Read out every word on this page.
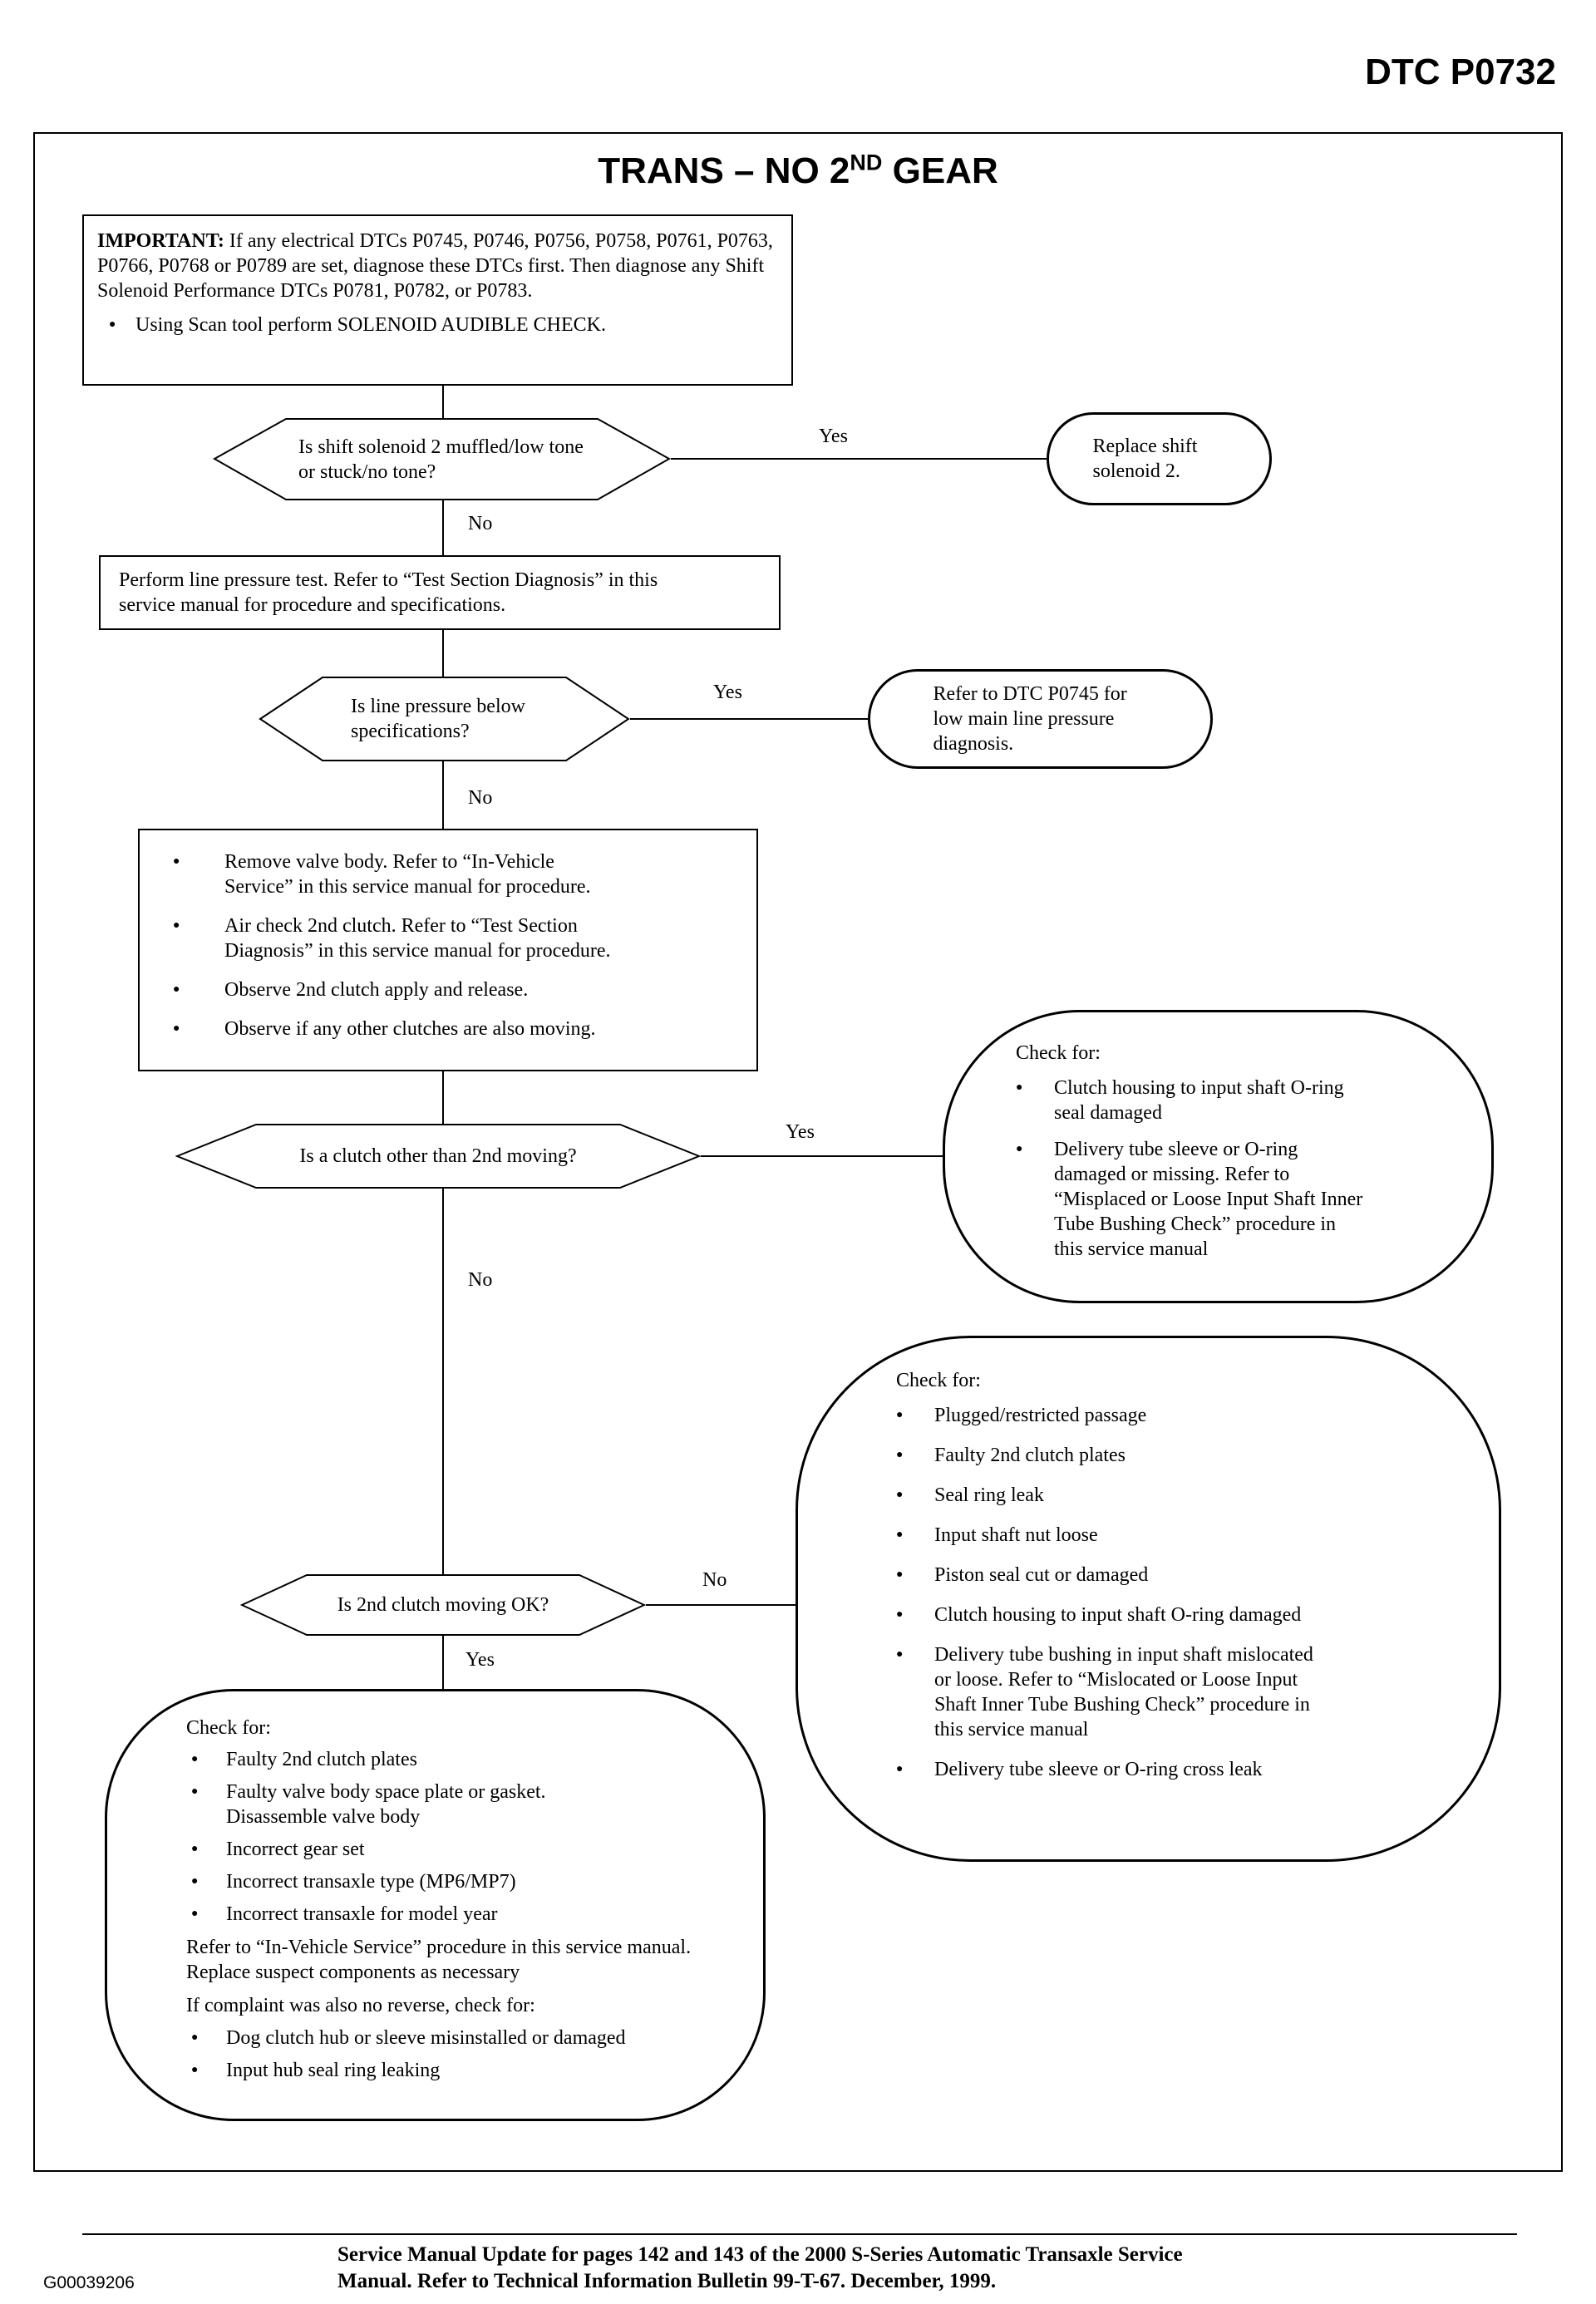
DTC P0732
TRANS – NO 2ND GEAR

IMPORTANT: If any electrical DTCs P0745, P0746, P0756, P0758, P0761, P0763, P0766, P0768 or P0789 are set, diagnose these DTCs first. Then diagnose any Shift Solenoid Performance DTCs P0781, P0782, or P0783.

● Using Scan tool perform SOLENOID AUDIBLE CHECK.
Is shift solenoid 2 muffled/low tone or stuck/no tone?
Yes
No
Replace shift solenoid 2.
Perform line pressure test. Refer to “Test Section Diagnosis” in this service manual for procedure and specifications.
Is line pressure below specifications?
Yes
No
Refer to DTC P0745 for low main line pressure diagnosis.
● Remove valve body. Refer to “In-Vehicle Service” in this service manual for procedure.
● Air check 2nd clutch. Refer to “Test Section Diagnosis” in this service manual for procedure.
● Observe 2nd clutch apply and release.
● Observe if any other clutches are also moving.
Is a clutch other than 2nd moving?
Yes
No
Check for:
● Clutch housing to input shaft O-ring seal damaged
● Delivery tube sleeve or O-ring damaged or missing. Refer to “Misplaced or Loose Input Shaft Inner Tube Bushing Check” procedure in this service manual
Is 2nd clutch moving OK?
No
Yes
Check for:
● Plugged/restricted passage
● Faulty 2nd clutch plates
● Seal ring leak
● Input shaft nut loose
● Piston seal cut or damaged
● Clutch housing to input shaft O-ring damaged
● Delivery tube bushing in input shaft mislocated or loose. Refer to “Mislocated or Loose Input Shaft Inner Tube Bushing Check” procedure in this service manual
● Delivery tube sleeve or O-ring cross leak
Check for:
● Faulty 2nd clutch plates
● Faulty valve body space plate or gasket. Disassemble valve body
● Incorrect gear set
● Incorrect transaxle type (MP6/MP7)
● Incorrect transaxle for model year
Refer to “In-Vehicle Service” procedure in this service manual. Replace suspect components as necessary
If complaint was also no reverse, check for:
● Dog clutch hub or sleeve misinstalled or damaged
● Input hub seal ring leaking
Service Manual Update for pages 142 and 143 of the 2000 S-Series Automatic Transaxle Service
Manual. Refer to Technical Information Bulletin 99-T-67. December, 1999.
G00039206
